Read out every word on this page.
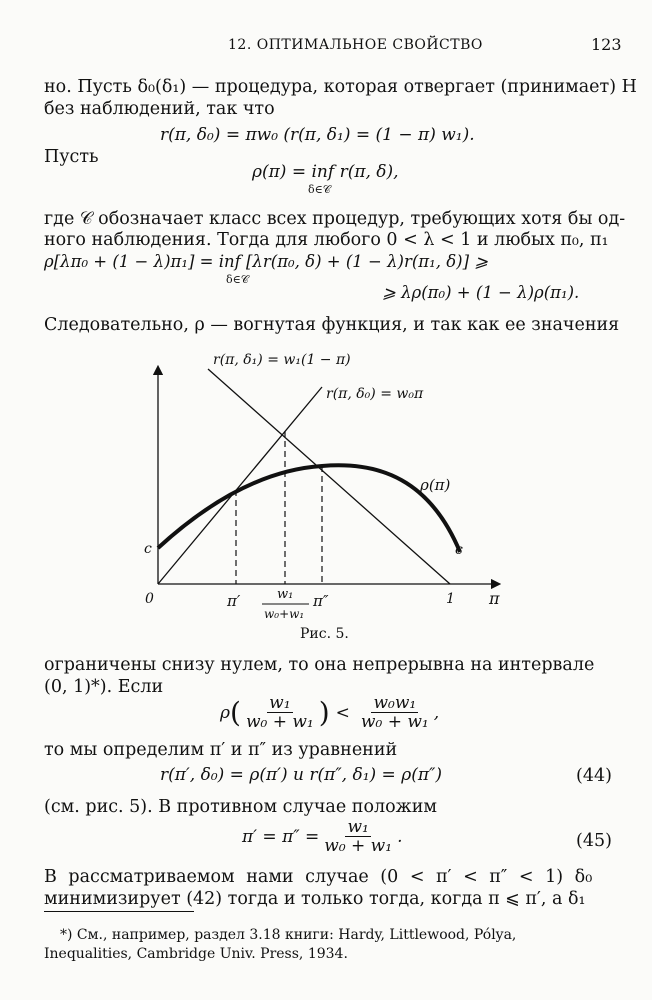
12. ОПТИМАЛЬНОЕ СВОЙСТВО	123
но. Пусть δ₀(δ₁) — процедура, которая отвергает (принимает) H
без наблюдений, так что
r(π, δ₀) = πw₀ (r(π, δ₁) = (1 − π) w₁).
Пусть
ρ(π) = inf r(π, δ),
δ∈𝒞
где 𝒞 обозначает класс всех процедур, требующих хотя бы од-
ного наблюдения. Тогда для любого 0 < λ < 1 и любых π₀, π₁
ρ[λπ₀ + (1 − λ)π₁] = inf [λr(π₀, δ) + (1 − λ)r(π₁, δ)] ⩾
δ∈𝒞
⩾ λρ(π₀) + (1 − λ)ρ(π₁).
Следовательно, ρ — вогнутая функция, и так как ее значения
r(π, δ₁) = w₁(1 − π)
r(π, δ₀) = w₀π
ρ(π)
c	c
0	π′	w₁
w₀+w₁
π″	1 π
Рис. 5.
ограничены снизу нулем, то она непрерывна на интервале
(0, 1)*). Если
ρ ( $\frac{\text{w₁}}{\text{w₀ + w₁}}$ ) < $\frac{\text{w₀w₁}}{\text{w₀ + w₁}}$ ,
то мы определим π′ и π″ из уравнений
r(π′, δ₀) = ρ(π′) и r(π″, δ₁) = ρ(π″)	(44)
(см. рис. 5). В противном случае положим
$\pi' = \pi'' = \frac{\text{w₁}}{\text{w₀ + w₁}}$ .	(45)
В рассматриваемом нами случае (0 < π′ < π″ < 1) δ₀
минимизирует (42) тогда и только тогда, когда π ⩽ π′, а δ₁
*) См., например, раздел 3.18 книги: Hardy, Littlewood, Pólya,
Inequalities, Cambridge Univ. Press, 1934.
